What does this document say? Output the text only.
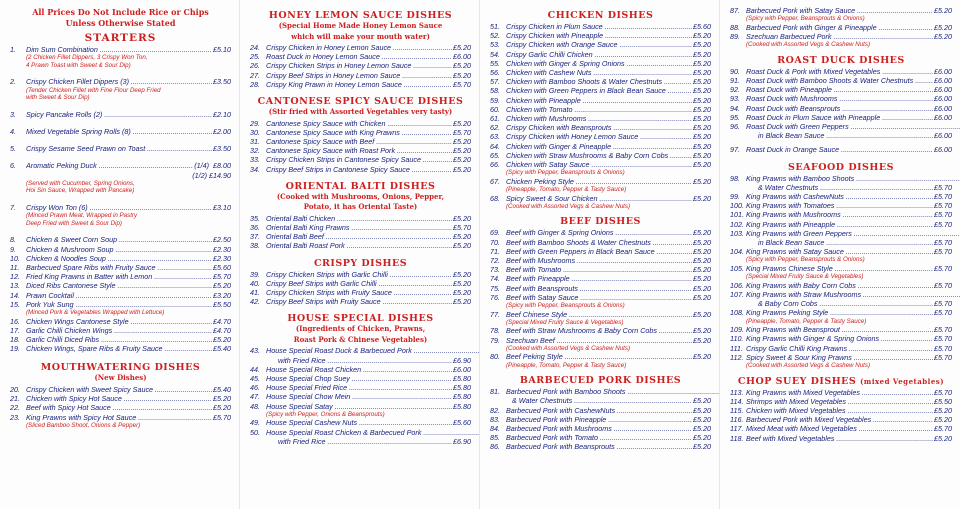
All Prices Do Not Include Rice or Chips
Unless Otherwise Stated
STARTERS
1.	Dim Sum Combination .....	£5.10
(2 Chicken Fillet Dippers, 3 Crispy Won Ton,
4 Prawn Toast with Sweet & Sour Dip)
2.	Crispy Chicken Fillet Dippers (3) .....	£3.50
(Tender Chicken Fillet with Fine Flour Deep Fried
with Sweet & Sour Dip)
3.	Spicy Pancake Rolls (2) .....	£2.10
4.	Mixed Vegetable Spring Rolls (8) .....	£2.00
5.	Crispy Sesame Seed Prawn on Toast .....	£3.50
6.	Aromatic Peking Duck .....	(1/4) £8.00
(1/2) £14.90
(Served with Cucumber, Spring Onions,
Hoi Sin Sauce, Wrapped with Pancake)
7.	Crispy Won Ton (6) .....	£3.10
(Minced Prawn Meat, Wrapped in Pastry
Deep Fried with Sweet & Sour Dip)
8.	Chicken & Sweet Corn Soup .....	£2.50
9.	Chicken & Mushroom Soup .....	£2.30
10. Chicken & Noodles Soup .....	£2.30
11. Barbecued Spare Ribs with Fruity Sauce .....	£5.60
12. Fried King Prawns in Batter with Lemon .....	£5.70
13. Diced Ribs Cantonese Style .....	£5.20
14. Prawn Cocktail .....	£3.20
15. Pork Yuk Sung .....	£5.50
(Minced Pork & Vegetables Wrapped with Lettuce)
16. Chicken Wings Cantonese Style .....	£4.70
17. Garlic Chilli Chicken Wings .....	£4.70
18. Garlic Chilli Diced Ribs .....	£5.20
19. Chicken Wings, Spare Ribs & Fruity Sauce .....	£5.40
MOUTHWATERING DISHES
(New Dishes)
20. Crispy Chicken with Sweet Spicy Sauce .....	£5.40
21. Chicken with Spicy Hot Sauce .....	£5.20
22. Beef with Spicy Hot Sauce .....	£5.20
23. King Prawns with Spicy Hot Sauce .....	£5.70
(Sliced Bamboo Shoot, Onions & Pepper)
HONEY LEMON SAUCE DISHES
(Special Home Made Honey Lemon Sauce
which will make your mouth water)
24. Crispy Chicken in Honey Lemon Sauce .....	£5.20
25. Roast Duck in Honey Lemon Sauce .....	£6.00
26. Crispy Chicken Strips in Honey Lemon Sauce .....	£5.20
27. Crispy Beef Strips in Honey Lemon Sauce .....	£5.20
28. Crispy King Prawn in Honey Lemon Sauce .....	£5.70
CANTONESE SPICY SAUCE DISHES
(Stir fried with Assorted Vegetables very tasty)
29. Cantonese Spicy Sauce with Chicken .....	£5.20
30. Cantonese Spicy Sauce with King Prawns .....	£5.70
31. Cantonese Spicy Sauce with Beef .....	£5.20
32. Cantonese Spicy Sauce with Roast Pork .....	£5.20
33. Crispy Chicken Strips in Cantonese Spicy Sauce .....	£5.20
34. Crispy Beef Strips in Cantonese Spicy Sauce .....	£5.20
ORIENTAL BALTI DISHES
(Cooked with Mushrooms, Onions, Pepper,
Potato, it has Oriental Taste)
35. Oriental Balti Chicken .....	£5.20
36. Oriental Balti King Prawns .....	£5.70
37. Oriental Balti Beef .....	£5.20
38. Oriental Balti Roast Pork .....	£5.20
CRISPY DISHES
39. Crispy Chicken Strips with Garlic Chilli .....	£5.20
40. Crispy Beef Strips with Garlic Chilli .....	£5.20
41. Crispy Chicken Strips with Fruity Sauce .....	£5.20
42. Crispy Beef Strips with Fruity Sauce .....	£5.20
HOUSE SPECIAL DISHES
(Ingredients of Chicken, Prawns,
Roast Pork & Chinese Vegetables)
43. House Special Roast Duck & Barbecued Pork .....
with Fried Rice .....	£6.90
44. House Special Roast Chicken .....	£6.00
45. House Special Chop Suey .....	£5.80
46. House Special Fried Rice .....	£5.80
47. House Special Chow Mein .....	£5.80
48. House Special Satay .....	£5.80
(Spicy with Pepper, Onions & Beansprouts)
49. House Special Cashew Nuts .....	£5.60
50. House Special Roast Chicken & Barbecued Pork .....
with Fried Rice .....	£6.90
CHICKEN DISHES
51. Crispy Chicken in Plum Sauce .....	£5.60
52. Crispy Chicken with Pineapple .....	£5.20
53. Crispy Chicken with Orange Sauce .....	£5.20
54. Crispy Garlic Chilli Chicken .....	£5.20
55. Chicken with Ginger & Spring Onions .....	£5.20
56. Chicken with Cashew Nuts .....	£5.20
57. Chicken with Bamboo Shoots & Water Chestnuts .....	£5.20
58. Chicken with Green Peppers in Black Bean Sauce .....	£5.20
59. Chicken with Pineapple .....	£5.20
60. Chicken with Tomato .....	£5.20
61. Chicken with Mushrooms .....	£5.20
62. Crispy Chicken with Beansprouts .....	£5.20
63. Crispy Chicken with Honey Lemon Sauce .....	£5.20
64. Chicken with Ginger & Pineapple .....	£5.20
65. Chicken with Straw Mushrooms & Baby Corn Cobs .....	£5.20
66. Chicken with Satay Sauce .....	£5.20
(Spicy with Pepper, Beansprouts & Onions)
67. Chicken Peking Style .....	£5.20
(Pineapple, Tomato, Pepper & Tasty Sauce)
68. Spicy Sweet & Sour Chicken .....	£5.20
(Cooked with Assorted Vegs & Cashew Nuts)
BEEF DISHES
69. Beef with Ginger & Spring Onions .....	£5.20
70. Beef with Bamboo Shoots & Water Chestnuts .....	£5.20
71. Beef with Green Peppers in Black Bean Sauce .....	£5.20
72. Beef with Mushrooms .....	£5.20
73. Beef with Tomato .....	£5.20
74. Beef with Pineapple .....	£5.20
75. Beef with Beansprouts .....	£5.20
76. Beef with Satay Sauce .....	£5.20
(Spicy with Pepper, Beansprouts & Onions)
77. Beef Chinese Style .....	£5.20
(Special Mixed Fruity Sauce & Vegetables)
78. Beef with Straw Mushrooms & Baby Corn Cobs .....	£5.20
79. Szechuan Beef .....	£5.20
(Cooked with Assorted Vegs & Cashew Nuts)
80. Beef Peking Style .....	£5.20
(Pineapple, Tomato, Pepper & Tasty Sauce)
BARBECUED PORK DISHES
81. Barbecued Pork with Bamboo Shoots .....
& Water Chestnuts .....	£5.20
82. Barbecued Pork with CashewNuts .....	£5.20
83. Barbecued Pork with Pineapple .....	£5.20
84. Barbecued Pork with Mushrooms .....	£5.20
85. Barbecued Pork with Tomato .....	£5.20
86. Barbecued Pork with Beansprouts .....	£5.20
87. Barbecued Pork with Satay Sauce .....	£5.20
(Spicy with Pepper, Beansprouts & Onions)
88. Barbecued Pork with Ginger & Pineapple .....	£5.20
89. Szechuan Barbecued Pork .....	£5.20
(Cooked with Assorted Vegs & Cashew Nuts)
ROAST DUCK DISHES
90. Roast Duck & Pork with Mixed Vegetables .....	£6.00
91. Roast Duck with Bamboo Shoots & Water Chestnuts .....	£6.00
92. Roast Duck with Pineapple .....	£6.00
93. Roast Duck with Mushrooms .....	£6.00
94. Roast Duck with Beansprouts .....	£6.00
95. Roast Duck in Plum Sauce with Pineapple .....	£6.00
96. Roast Duck with Green Peppers .....
in Black Bean Sauce .....	£6.00
97. Roast Duck in Orange Sauce .....	£6.00
SEAFOOD DISHES
98. King Prawns with Bamboo Shoots .....
& Water Chestnuts .....	£5.70
99. King Prawns with CashewNuts .....	£5.70
100. King Prawns with Tomatoes .....	£5.70
101. King Prawns with Mushrooms .....	£5.70
102. King Prawns with Pineapple .....	£5.70
103. King Prawns with Green Peppers .....
in Black Bean Sauce .....	£5.70
104. King Prawns with Satay Sauce .....	£5.70
(Spicy with Pepper, Beansprouts & Onions)
105. King Prawns Chinese Style .....	£5.70
(Special Mixed Fruity Sauce & Vegetables)
106. King Prawns with Baby Corn Cobs .....	£5.70
107. King Prawns with Straw Mushrooms .....
& Baby Corn Cobs .....	£5.70
108. King Prawns Peking Style .....	£5.70
(Pineapple, Tomato, Pepper & Tasty Sauce)
109. King Prawns with Beansprout .....	£5.70
110. King Prawns with Ginger & Spring Onions .....	£5.70
111. Crispy Garlic Chilli King Prawns .....	£5.70
112. Spicy Sweet & Sour King Prawns .....	£5.70
(Cooked with Assorted Vegs & Cashew Nuts)
CHOP SUEY DISHES (mixed Vegetables)
113. King Prawns with Mixed Vegetables .....	£5.70
114. Shrimps with Mixed Vegetables .....	£5.50
115. Chicken with Mixed Vegetables .....	£5.20
116. Barbecued Pork with Mixed Vegetables .....	£5.20
117. Mixed Meat with Mixed Vegetables .....	£5.70
118. Beef with Mixed Vegetables .....	£5.20
